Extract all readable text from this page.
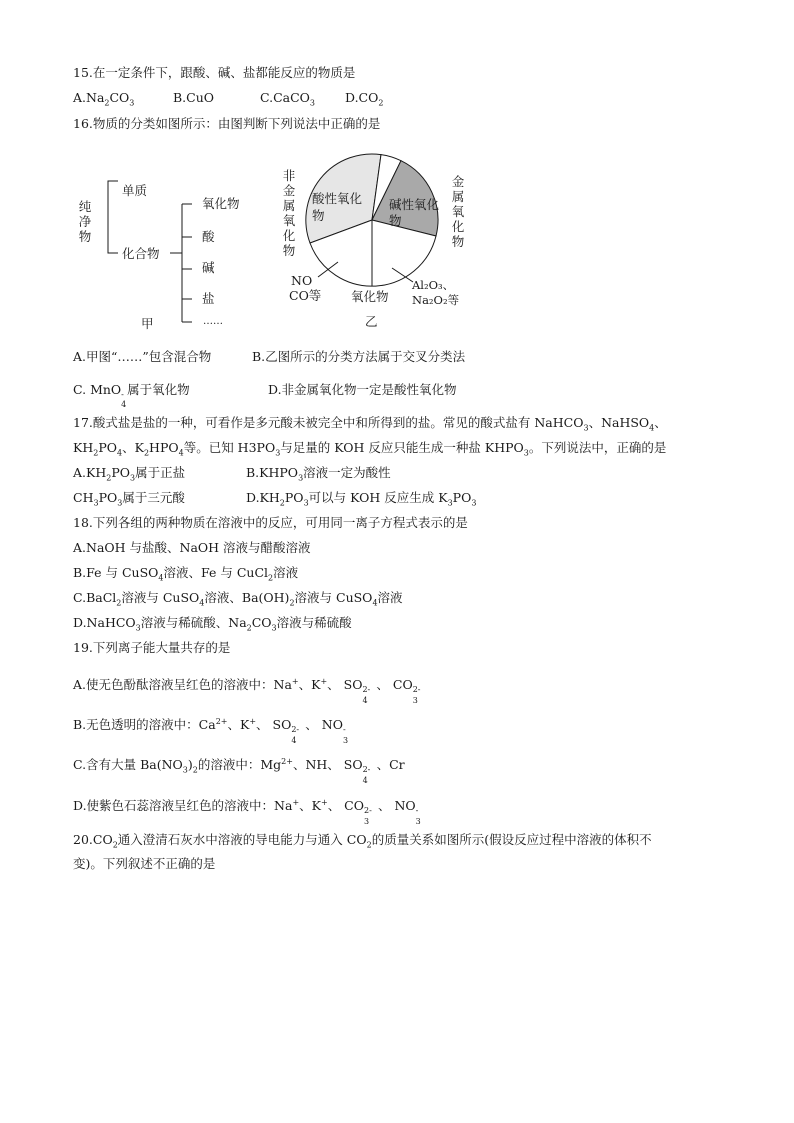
15.在一定条件下，跟酸、碱、盐都能反应的物质是
$A.Na_2CO_3$	B.CuO	C.CaCO$_3$ $D.CO_2$
16.物质的分类如图所示：由图判断下列说法中正确的是
纯净物
单质
化合物
氧化物
酸
碱
盐
……
甲
非金属氧化物
金属氧化物
酸性氧化物
碱性氧化物
NO
CO等 氧化物
Al₂O₃、
Na₂O₂等
乙
A.甲图“……”包含混合物	B.乙图所示的分类方法属于交叉分类法
C. MnO -
4
属于氧化物	D.非金属氧化物一定是酸性氧化物
17.酸式盐是盐的一种，可看作是多元酸未被完全中和所得到的盐。常见的酸式盐有 NaHCO$_3$、NaHSO$_4$、
$KH_2PO_4$、$K_2HPO_4$等。已知 $H3PO_3$与足量的 KOH 反应只能生成一种盐 $KHPO_3$。下列说法中，正确的是
$A.KH_2PO_3$属于正盐	$B.KHPO_3$溶液一定为酸性
$CH_3PO_3$属于三元酸	$D.KH_2PO_3$可以与 KOH 反应生成 $K_3PO_3$
18.下列各组的两种物质在溶液中的反应，可用同一离子方程式表示的是
A.NaOH 与盐酸、NaOH 溶液与醋酸溶液
B.Fe 与 CuSO$_4$溶液、Fe 与 CuCl$_2$溶液
C.BaCl$_2$溶液与 CuSO$_4$溶液、$Ba(OH)_2$溶液与 CuSO$_4$溶液
D.NaHCO$_3$溶液与稀硫酸、$Na_2CO_3$溶液与稀硫酸
19.下列离子能大量共存的是
A.使无色酚酞溶液呈红色的溶液中：Na+、K+、 SO 2-
4
、 CO 2-
3
B.无色透明的溶液中：$Ca^{2+}$、K+、 SO 2-
4
、 NO -
3
C.含有大量 $Ba(NO_3)_2$的溶液中：$Mg^{2+}$、NH、 SO 2-
4
、Cr
D.使紫色石蕊溶液呈红色的溶液中：Na+、K+、 CO 2-
3
、 NO -
3
$20.CO_2$通入澄清石灰水中溶液的导电能力与通入 $CO_2$的质量关系如图所示(假设反应过程中溶液的体积不
变)。下列叙述不正确的是
